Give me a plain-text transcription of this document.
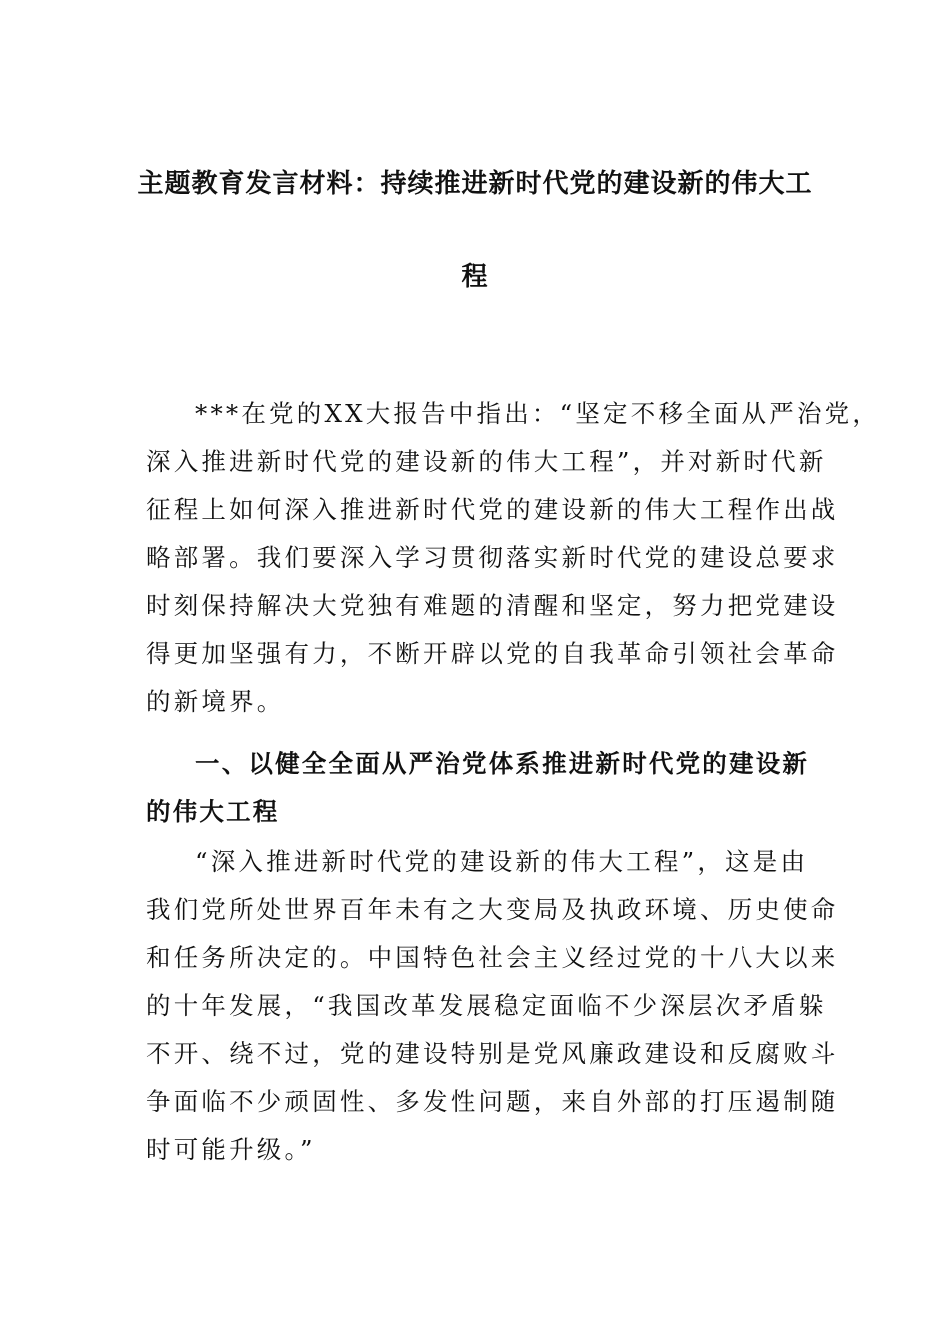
主题教育发言材料：持续推进新时代党的建设新的伟大工
程
***在党的XX大报告中指出：“坚定不移全面从严治党，
深入推进新时代党的建设新的伟大工程”，并对新时代新
征程上如何深入推进新时代党的建设新的伟大工程作出战
略部署。我们要深入学习贯彻落实新时代党的建设总要求
时刻保持解决大党独有难题的清醒和坚定，努力把党建设
得更加坚强有力，不断开辟以党的自我革命引领社会革命
的新境界。
一、以健全全面从严治党体系推进新时代党的建设新
的伟大工程
“深入推进新时代党的建设新的伟大工程”，这是由
我们党所处世界百年未有之大变局及执政环境、历史使命
和任务所决定的。中国特色社会主义经过党的十八大以来
的十年发展，“我国改革发展稳定面临不少深层次矛盾躲
不开、绕不过，党的建设特别是党风廉政建设和反腐败斗
争面临不少顽固性、多发性问题，来自外部的打压遏制随
时可能升级。”
